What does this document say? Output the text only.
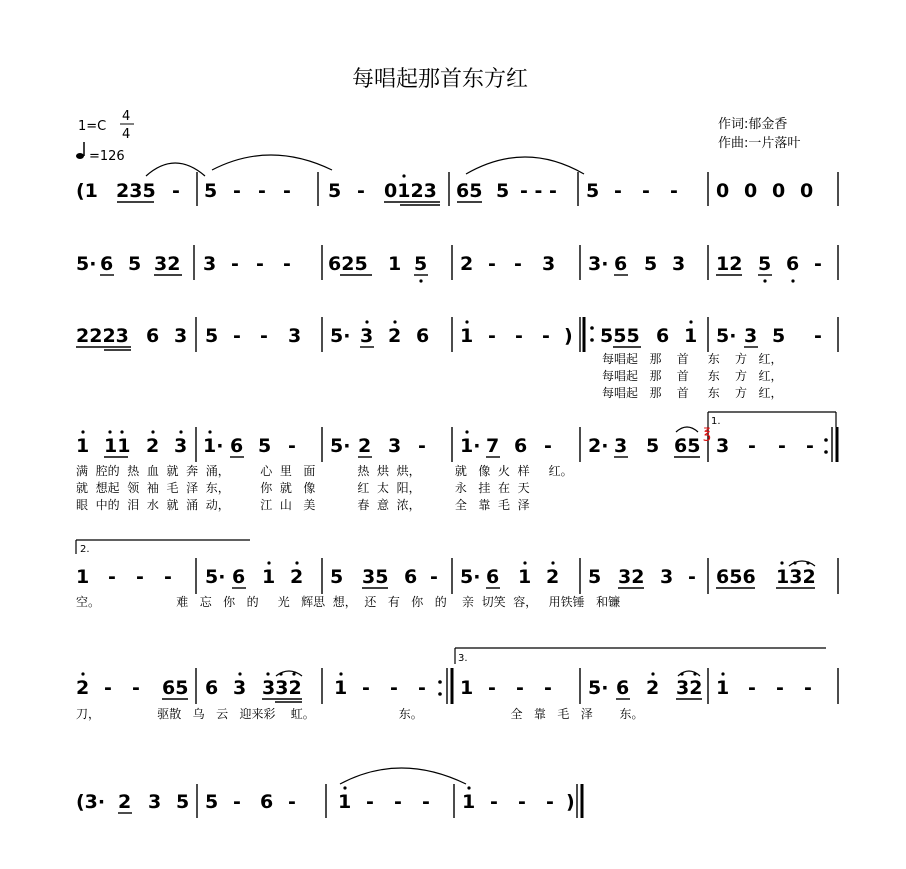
每唱起那首东方红
1=C
4
4
=126
作词:郁金香
作曲:一片落叶
(1 235 - 5 - - - 5 - 0123 65 5 - - - 5 - - - 0 0 0 0
5· 6 5 32 3 - - - 625 1 5 2 - - 3 3· 6 5 3 12 5 6 -
2223 6 3 5 - - 3 5· 3 2 6 1 - - - ) 555 6 1 5· 3 5 -
每唱起   那    首     东    方   红，
每唱起   那    首     东    方   红，
每唱起   那    首     东    方   红，
1 11 2 3 1· 6 5 - 5· 2 3 - 1· 7 6 - 2· 3 5 65
1.
℥
3 - - -
满  腔的  热  血  就  奔  涌，        心  里   面           热  烘  烘，         就   像  火  样     红。
就  想起  领  袖  毛  泽  东，        你  就   像           红  太  阳，         永   挂  在  天
眼  中的  泪  水  就  涌  动，        江  山   美           春  意  浓，         全   靠  毛  泽
2.
1 - - - 5· 6 1 2 5 35 6 - 5· 6 1 2 5 32 3 - 656 132
空。                    难   忘   你   的     光   辉思  想，  还   有   你   的    亲  切笑  容，   用铁锤   和镰
2 - - 65 6 3 332 1 - - -
3.
1 - - - 5· 6 2 32 1 - - -
刀，               驱散   乌   云   迎来彩    虹。                      东。                       全   靠   毛   泽       东。
(3· 2 3 5 5 - 6 - 1 - - - 1 - - - )
